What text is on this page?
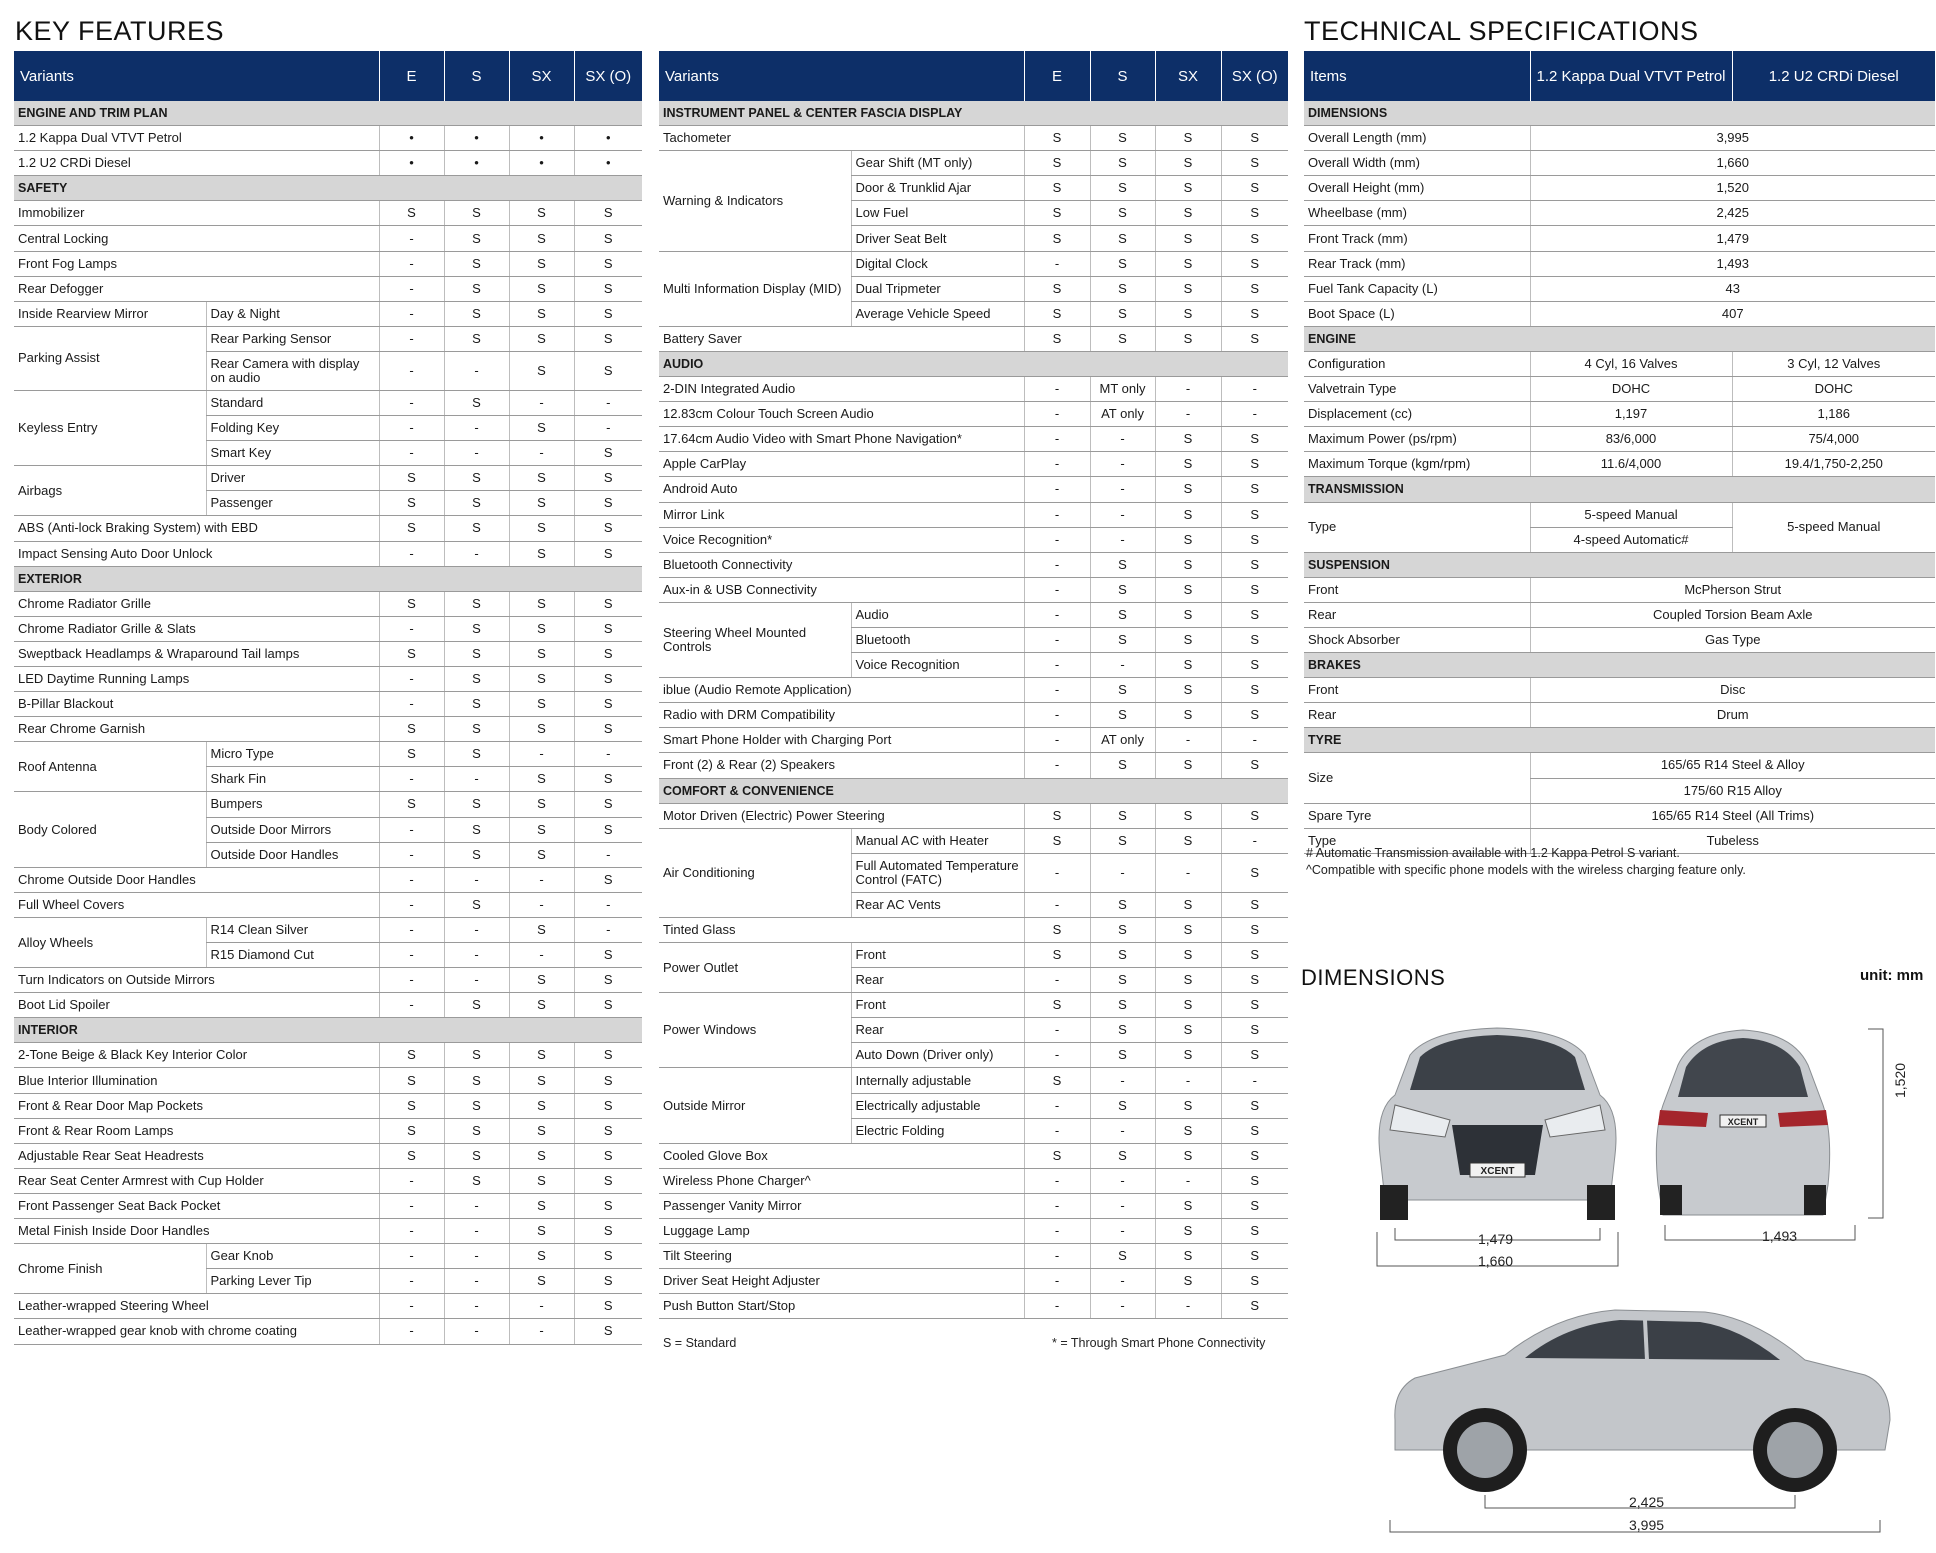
KEY FEATURES	TECHNICAL SPECIFICATIONS
Variants		E	S	SX	SX (O)
ENGINE AND TRIM PLAN					
1.2 Kappa Dual VTVT Petrol		•	•	•	•
1.2 U2 CRDi Diesel		•	•	•	•
SAFETY					
Immobilizer		S	S	S	S
Central Locking		-	S	S	S
Front Fog Lamps		-	S	S	S
Rear Defogger		-	S	S	S
Inside Rearview Mirror	Day & Night	-	S	S	S
Parking Assist	Rear Parking Sensor	-	S	S	S
	Rear Camera with display on audio	-	-	S	S
Keyless Entry	Standard	-	S	-	-
	Folding Key	-	-	S	-
	Smart Key	-	-	-	S
Airbags	Driver	S	S	S	S
	Passenger	S	S	S	S
ABS (Anti-lock Braking System) with EBD		S	S	S	S
Impact Sensing Auto Door Unlock		-	-	S	S
EXTERIOR					
Chrome Radiator Grille		S	S	S	S
Chrome Radiator Grille & Slats		-	S	S	S
Sweptback Headlamps & Wraparound Tail lamps		S	S	S	S
LED Daytime Running Lamps		-	S	S	S
B-Pillar Blackout		-	S	S	S
Rear Chrome Garnish		S	S	S	S
Roof Antenna	Micro Type	S	S	-	-
	Shark Fin	-	-	S	S
Body Colored	Bumpers	S	S	S	S
	Outside Door Mirrors	-	S	S	S
	Outside Door Handles	-	S	S	-
Chrome Outside Door Handles		-	-	-	S
Full Wheel Covers		-	S	-	-
Alloy Wheels	R14 Clean Silver	-	-	S	-
	R15 Diamond Cut	-	-	-	S
Turn Indicators on Outside Mirrors		-	-	S	S
Boot Lid Spoiler		-	S	S	S
INTERIOR					
2-Tone Beige & Black Key Interior Color		S	S	S	S
Blue Interior Illumination		S	S	S	S
Front & Rear Door Map Pockets		S	S	S	S
Front & Rear Room Lamps		S	S	S	S
Adjustable Rear Seat Headrests		S	S	S	S
Rear Seat Center Armrest with Cup Holder		-	S	S	S
Front Passenger Seat Back Pocket		-	-	S	S
Metal Finish Inside Door Handles		-	-	S	S
Chrome Finish	Gear Knob	-	-	S	S
	Parking Lever Tip	-	-	S	S
Leather-wrapped Steering Wheel		-	-	-	S
Leather-wrapped gear knob with chrome coating		-	-	-	S
Variants		E	S	SX	SX (O)
INSTRUMENT PANEL & CENTER FASCIA DISPLAY					
Tachometer		S	S	S	S
Warning & Indicators	Gear Shift (MT only)	S	S	S	S
	Door & Trunklid Ajar	S	S	S	S
	Low Fuel	S	S	S	S
	Driver Seat Belt	S	S	S	S
Multi Information Display (MID)	Digital Clock	-	S	S	S
	Dual Tripmeter	S	S	S	S
	Average Vehicle Speed	S	S	S	S
Battery Saver		S	S	S	S
AUDIO					
2-DIN Integrated Audio		-	MT only	-	-
12.83cm Colour Touch Screen Audio		-	AT only	-	-
17.64cm Audio Video with Smart Phone Navigation*		-	-	S	S
Apple CarPlay		-	-	S	S
Android Auto		-	-	S	S
Mirror Link		-	-	S	S
Voice Recognition*		-	-	S	S
Bluetooth Connectivity		-	S	S	S
Aux-in & USB Connectivity		-	S	S	S
Steering Wheel Mounted Controls	Audio	-	S	S	S
	Bluetooth	-	S	S	S
	Voice Recognition	-	-	S	S
iblue (Audio Remote Application)		-	S	S	S
Radio with DRM Compatibility		-	S	S	S
Smart Phone Holder with Charging Port		-	AT only	-	-
Front (2) & Rear (2) Speakers		-	S	S	S
COMFORT & CONVENIENCE					
Motor Driven (Electric) Power Steering		S	S	S	S
Air Conditioning	Manual AC with Heater	S	S	S	-
	Full Automated Temperature Control (FATC)	-	-	-	S
	Rear AC Vents	-	S	S	S
Tinted Glass		S	S	S	S
Power Outlet	Front	S	S	S	S
	Rear	-	S	S	S
Power Windows	Front	S	S	S	S
	Rear	-	S	S	S
	Auto Down (Driver only)	-	S	S	S
Outside Mirror	Internally adjustable	S	-	-	-
	Electrically adjustable	-	S	S	S
	Electric Folding	-	-	S	S
Cooled Glove Box		S	S	S	S
Wireless Phone Charger^		-	-	-	S
Passenger Vanity Mirror		-	-	S	S
Luggage Lamp		-	-	S	S
Tilt Steering		-	S	S	S
Driver Seat Height Adjuster		-	-	S	S
Push Button Start/Stop		-	-	-	S
S = Standard	* = Through Smart Phone Connectivity
Items	1.2 Kappa Dual VTVT Petrol	1.2 U2 CRDi Diesel
DIMENSIONS		
Overall Length (mm)	3,995	
Overall Width (mm)	1,660	
Overall Height (mm)	1,520	
Wheelbase (mm)	2,425	
Front Track (mm)	1,479	
Rear Track (mm)	1,493	
Fuel Tank Capacity (L)	43	
Boot Space (L)	407	
ENGINE		
Configuration	4 Cyl, 16 Valves	3 Cyl, 12 Valves
Valvetrain Type	DOHC	DOHC
Displacement (cc)	1,197	1,186
Maximum Power (ps/rpm)	83/6,000	75/4,000
Maximum Torque (kgm/rpm)	11.6/4,000	19.4/1,750-2,250
TRANSMISSION		
Type	5-speed Manual	5-speed Manual
	4-speed Automatic#	
SUSPENSION		
Front	McPherson Strut	
Rear	Coupled Torsion Beam Axle	
Shock Absorber	Gas Type	
BRAKES		
Front	Disc	
Rear	Drum	
TYRE		
Size	165/65 R14 Steel & Alloy	
	175/60 R15 Alloy	
Spare Tyre	165/65 R14 Steel (All Trims)	
Type	Tubeless	
# Automatic Transmission available with 1.2 Kappa Petrol S variant.
^Compatible with specific phone models with the wireless charging feature only.
DIMENSIONS	unit: mm
XCENT
1,479
1,660
XCENT
1,493
1,520
2,425
3,995
